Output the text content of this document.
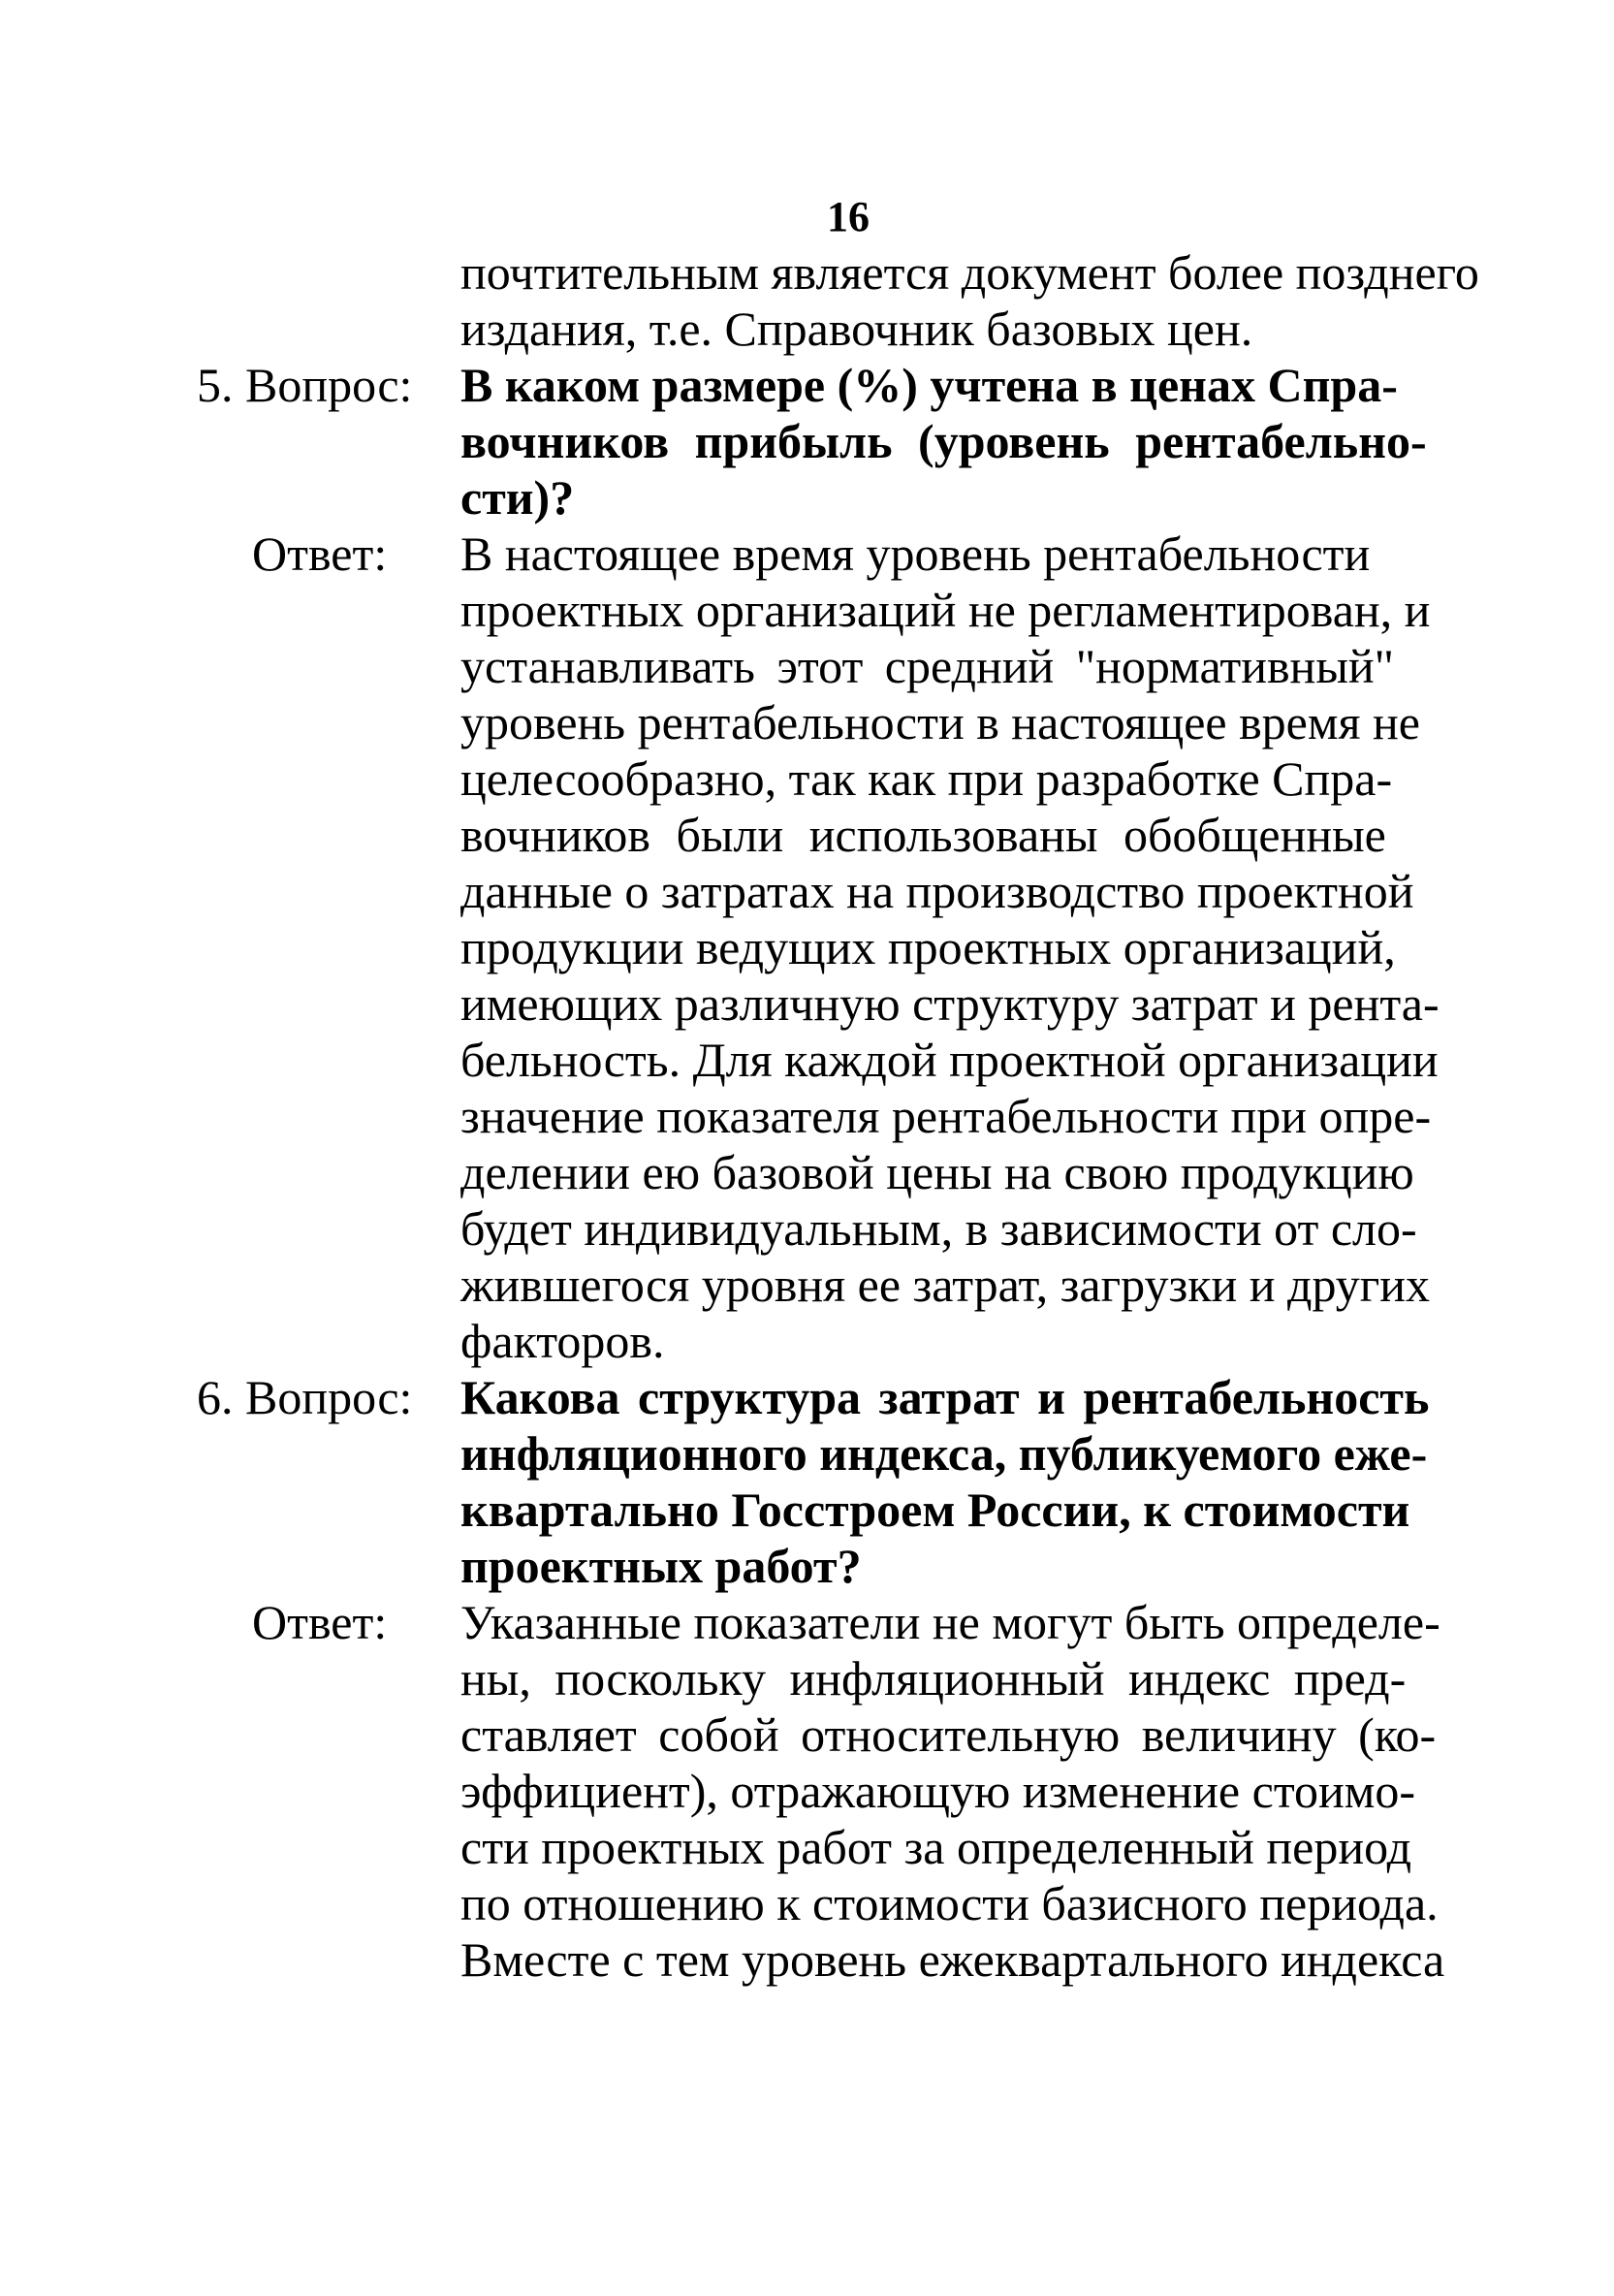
16
почтительным является документ более позднего
издания, т.е. Справочник базовых цен.
5. Вопрос: В каком размере (%) учтена в ценах Спра-
вочников прибыль (уровень рентабельно-
сти)?
Ответ: В настоящее время уровень рентабельности
проектных организаций не регламентирован, и
устанавливать этот средний "нормативный"
уровень рентабельности в настоящее время не
целесообразно, так как при разработке Спра-
вочников были использованы обобщенные
данные о затратах на производство проектной
продукции ведущих проектных организаций,
имеющих различную структуру затрат и рента-
бельность. Для каждой проектной организации
значение показателя рентабельности при опре-
делении ею базовой цены на свою продукцию
будет индивидуальным, в зависимости от сло-
жившегося уровня ее затрат, загрузки и других
факторов.
6. Вопрос: Какова структура затрат и рентабельность
инфляционного индекса, публикуемого еже-
квартально Госстроем России, к стоимости
проектных работ?
Ответ: Указанные показатели не могут быть определе-
ны, поскольку инфляционный индекс пред-
ставляет собой относительную величину (ко-
эффициент), отражающую изменение стоимо-
сти проектных работ за определенный период
по отношению к стоимости базисного периода.
Вместе с тем уровень ежеквартального индекса
